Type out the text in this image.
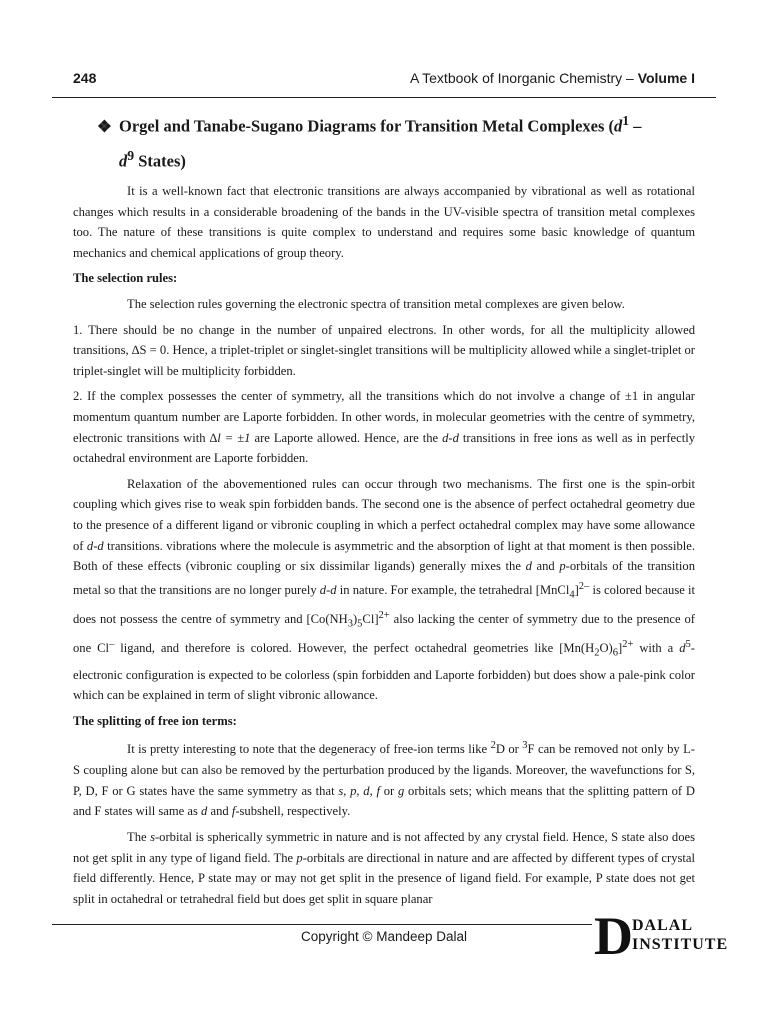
248	A Textbook of Inorganic Chemistry – Volume I
❖ Orgel and Tanabe-Sugano Diagrams for Transition Metal Complexes ($d^1$ –
$d^9$ States)

It is a well-known fact that electronic transitions are always accompanied by vibrational as well as rotational changes which results in a considerable broadening of the bands in the UV-visible spectra of transition metal complexes too. The nature of these transitions is quite complex to understand and requires some basic knowledge of quantum mechanics and chemical applications of group theory.

The selection rules:

The selection rules governing the electronic spectra of transition metal complexes are given below.

1. There should be no change in the number of unpaired electrons. In other words, for all the multiplicity allowed transitions, ∆S = 0. Hence, a triplet-triplet or singlet-singlet transitions will be multiplicity allowed while a singlet-triplet or triplet-singlet will be multiplicity forbidden.

2. If the complex possesses the center of symmetry, all the transitions which do not involve a change of ±1 in angular momentum quantum number are Laporte forbidden. In other words, in molecular geometries with the centre of symmetry, electronic transitions with ∆l = ±1 are Laporte allowed. Hence, are the d-d transitions in free ions as well as in perfectly octahedral environment are Laporte forbidden.

Relaxation of the abovementioned rules can occur through two mechanisms. The first one is the spin-orbit coupling which gives rise to weak spin forbidden bands. The second one is the absence of perfect octahedral geometry due to the presence of a different ligand or vibronic coupling in which a perfect octahedral complex may have some allowance of d-d transitions. vibrations where the molecule is asymmetric and the absorption of light at that moment is then possible. Both of these effects (vibronic coupling or six dissimilar ligands) generally mixes the d and p-orbitals of the transition metal so that the transitions are no longer purely d-d in nature. For example, the tetrahedral [MnCl$_4$]$^{2-}$ is colored because it does not possess the centre of symmetry and $[Co(NH_3)_5Cl]^{2+}$ also lacking the center of symmetry due to the presence of one Cl– ligand, and therefore is colored. However, the perfect octahedral geometries like $[Mn(H_2O)_6]^{2+}$ with a $d^5$-electronic configuration is expected to be colorless (spin forbidden and Laporte forbidden) but does show a pale-pink color which can be explained in term of slight vibronic allowance.

The splitting of free ion terms:

It is pretty interesting to note that the degeneracy of free-ion terms like $^2$D or $^3$F can be removed not only by L-S coupling alone but can also be removed by the perturbation produced by the ligands. Moreover, the wavefunctions for S, P, D, F or G states have the same symmetry as that s, p, d, f or g orbitals sets; which means that the splitting pattern of D and F states will same as d and f-subshell, respectively.

The s-orbital is spherically symmetric in nature and is not affected by any crystal field. Hence, S state also does not get split in any type of ligand field. The p-orbitals are directional in nature and are affected by different types of crystal field differently. Hence, P state may or may not get split in the presence of ligand field. For example, P state does not get split in octahedral or tetrahedral field but does get split in square planar

Copyright © Mandeep Dalal	D DALAL
INSTITUTE
